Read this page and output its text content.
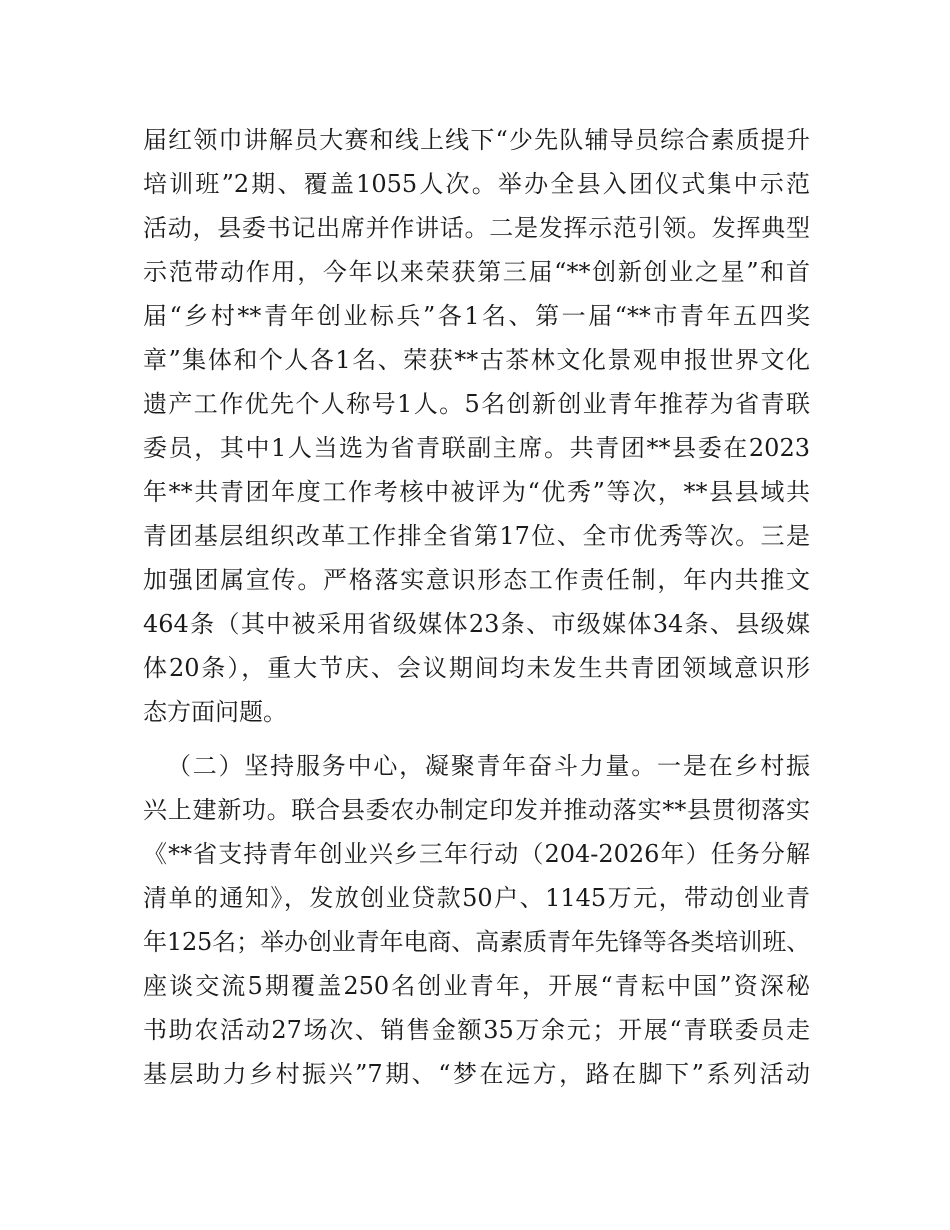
届红领巾讲解员大赛和线上线下“少先队辅导员综合素质提升
培训班”2期、覆盖1055人次。举办全县入团仪式集中示范
活动，县委书记出席并作讲话。二是发挥示范引领。发挥典型
示范带动作用，今年以来荣获第三届“**创新创业之星”和首
届“乡村**青年创业标兵”各1名、第一届“**市青年五四奖
章”集体和个人各1名、荣获**古茶林文化景观申报世界文化
遗产工作优先个人称号1人。5名创新创业青年推荐为省青联
委员，其中1人当选为省青联副主席。共青团**县委在2023
年**共青团年度工作考核中被评为“优秀”等次，**县县域共
青团基层组织改革工作排全省第17位、全市优秀等次。三是
加强团属宣传。严格落实意识形态工作责任制，年内共推文
464条（其中被采用省级媒体23条、市级媒体34条、县级媒
体20条），重大节庆、会议期间均未发生共青团领域意识形
态方面问题。
（二）坚持服务中心，凝聚青年奋斗力量。一是在乡村振
兴上建新功。联合县委农办制定印发并推动落实**县贯彻落实
《**省支持青年创业兴乡三年行动（204-2026年）任务分解
清单的通知》，发放创业贷款50户、1145万元，带动创业青
年125名；举办创业青年电商、高素质青年先锋等各类培训班、
座谈交流5期覆盖250名创业青年，开展“青耘中国”资深秘
书助农活动27场次、销售金额35万余元；开展“青联委员走
基层助力乡村振兴”7期、“梦在远方，路在脚下”系列活动
